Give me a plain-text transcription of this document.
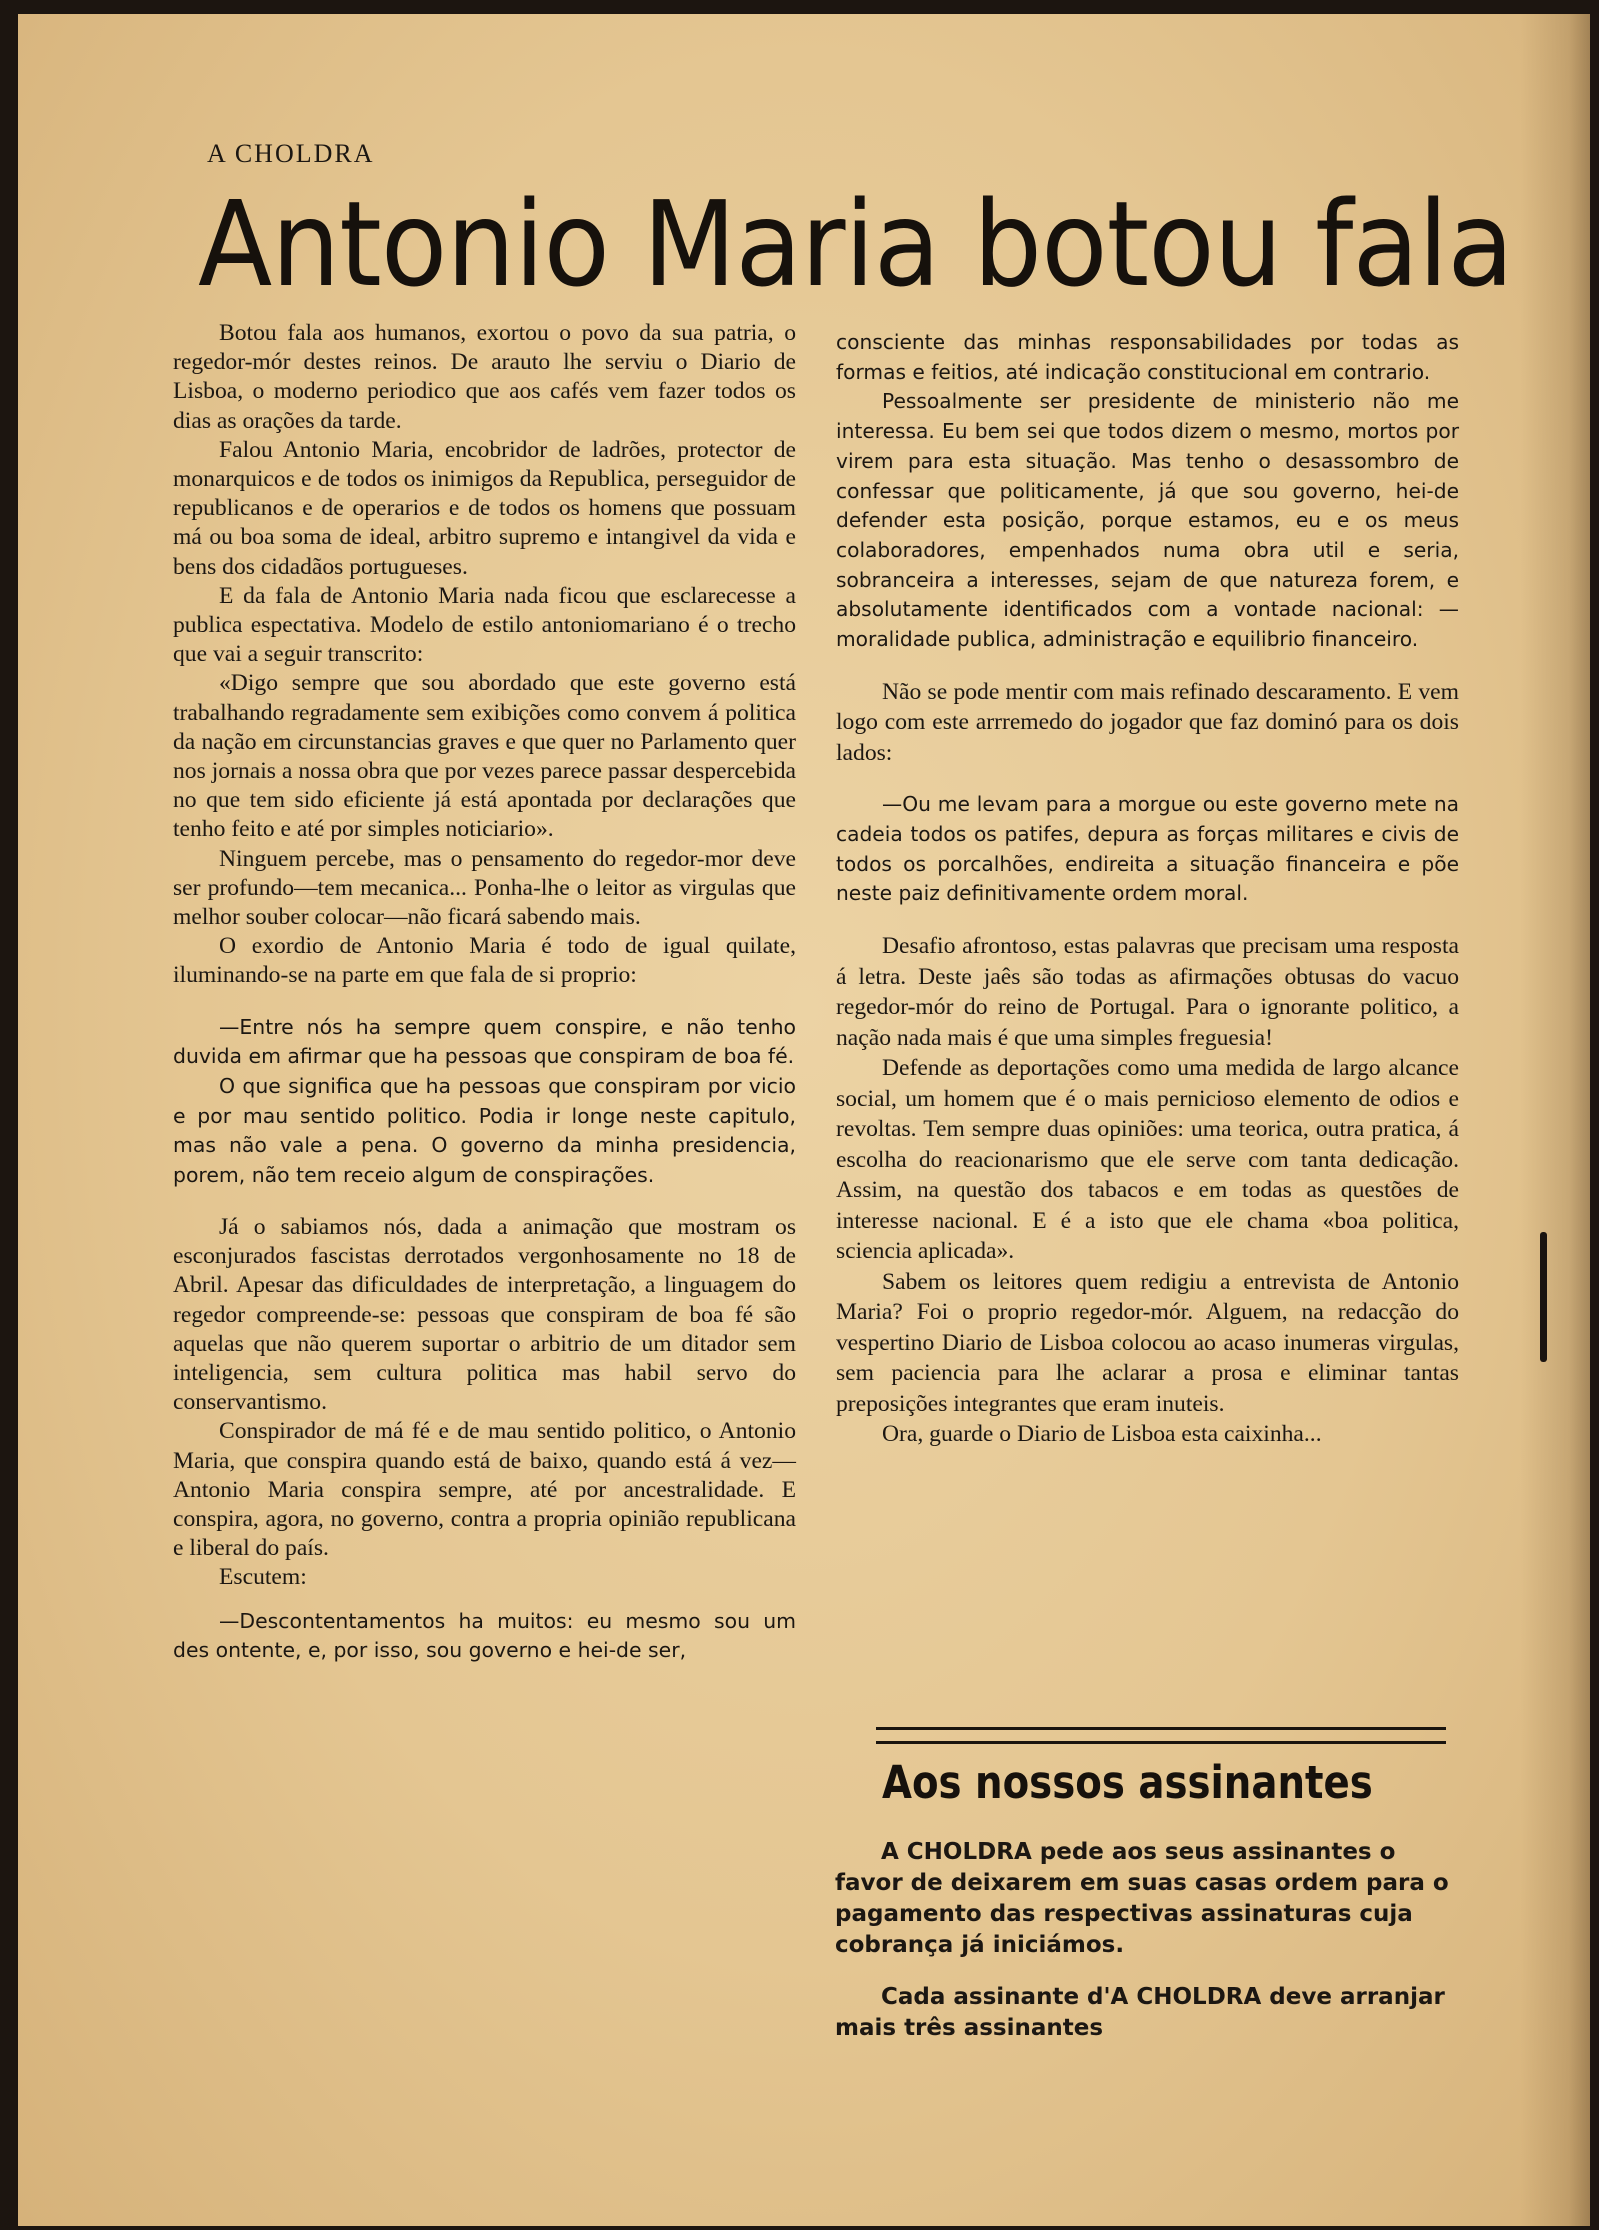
A CHOLDRA
Antonio Maria botou fala

Botou fala aos humanos, exortou o povo da sua patria, o regedor-mór destes reinos. De arauto lhe serviu o Diario de Lisboa, o moderno periodico que aos cafés vem fazer todos os dias as orações da tarde.

Falou Antonio Maria, encobridor de ladrões, protector de monarquicos e de todos os inimigos da Republica, perseguidor de republicanos e de operarios e de todos os homens que possuam má ou boa soma de ideal, arbitro supremo e intangivel da vida e bens dos cidadãos portugueses.

E da fala de Antonio Maria nada ficou que esclarecesse a publica espectativa. Modelo de estilo antoniomariano é o trecho que vai a seguir transcrito:

«Digo sempre que sou abordado que este governo está trabalhando regradamente sem exibições como convem á politica da nação em circunstancias graves e que quer no Parlamento quer nos jornais a nossa obra que por vezes parece passar despercebida no que tem sido eficiente já está apontada por declarações que tenho feito e até por simples noticiario».

Ninguem percebe, mas o pensamento do regedor-mor deve ser profundo—tem mecanica... Ponha-lhe o leitor as virgulas que melhor souber colocar—não ficará sabendo mais.

O exordio de Antonio Maria é todo de igual quilate, iluminando-se na parte em que fala de si proprio:

—Entre nós ha sempre quem conspire, e não tenho duvida em afirmar que ha pessoas que conspiram de boa fé.

O que significa que ha pessoas que conspiram por vicio e por mau sentido politico. Podia ir longe neste capitulo, mas não vale a pena. O governo da minha presidencia, porem, não tem receio algum de conspirações.

Já o sabiamos nós, dada a animação que mostram os esconjurados fascistas derrotados vergonhosamente no 18 de Abril. Apesar das dificuldades de interpretação, a linguagem do regedor compreende-se: pessoas que conspiram de boa fé são aquelas que não querem suportar o arbitrio de um ditador sem inteligencia, sem cultura politica mas habil servo do conservantismo.

Conspirador de má fé e de mau sentido politico, o Antonio Maria, que conspira quando está de baixo, quando está á vez—Antonio Maria conspira sempre, até por ancestralidade. E conspira, agora, no governo, contra a propria opinião republicana e liberal do país.

Escutem:

—Descontentamentos ha muitos: eu mesmo sou um des ontente, e, por isso, sou governo e hei-de ser,

consciente das minhas responsabilidades por todas as formas e feitios, até indicação constitucional em contrario.

Pessoalmente ser presidente de ministerio não me interessa. Eu bem sei que todos dizem o mesmo, mortos por virem para esta situação. Mas tenho o desassombro de confessar que politicamente, já que sou governo, hei-de defender esta posição, porque estamos, eu e os meus colaboradores, empenhados numa obra util e seria, sobranceira a interesses, sejam de que natureza forem, e absolutamente identificados com a vontade nacional: — moralidade publica, administração e equilibrio financeiro.

Não se pode mentir com mais refinado descaramento. E vem logo com este arrremedo do jogador que faz dominó para os dois lados:

—Ou me levam para a morgue ou este governo mete na cadeia todos os patifes, depura as forças militares e civis de todos os porcalhões, endireita a situação financeira e põe neste paiz definitivamente ordem moral.

Desafio afrontoso, estas palavras que precisam uma resposta á letra. Deste jaês são todas as afirmações obtusas do vacuo regedor-mór do reino de Portugal. Para o ignorante politico, a nação nada mais é que uma simples freguesia!

Defende as deportações como uma medida de largo alcance social, um homem que é o mais pernicioso elemento de odios e revoltas. Tem sempre duas opiniões: uma teorica, outra pratica, á escolha do reacionarismo que ele serve com tanta dedicação. Assim, na questão dos tabacos e em todas as questões de interesse nacional. E é a isto que ele chama «boa politica, sciencia aplicada».

Sabem os leitores quem redigiu a entrevista de Antonio Maria? Foi o proprio regedor-mór. Alguem, na redacção do vespertino Diario de Lisboa colocou ao acaso inumeras virgulas, sem paciencia para lhe aclarar a prosa e eliminar tantas preposições integrantes que eram inuteis.

Ora, guarde o Diario de Lisboa esta caixinha...

Aos nossos assinantes

A CHOLDRA pede aos seus assinantes o favor de deixarem em suas casas ordem para o pagamento das respectivas assinaturas cuja cobrança já iniciámos.

Cada assinante d'A CHOLDRA deve arranjar mais três assinantes
